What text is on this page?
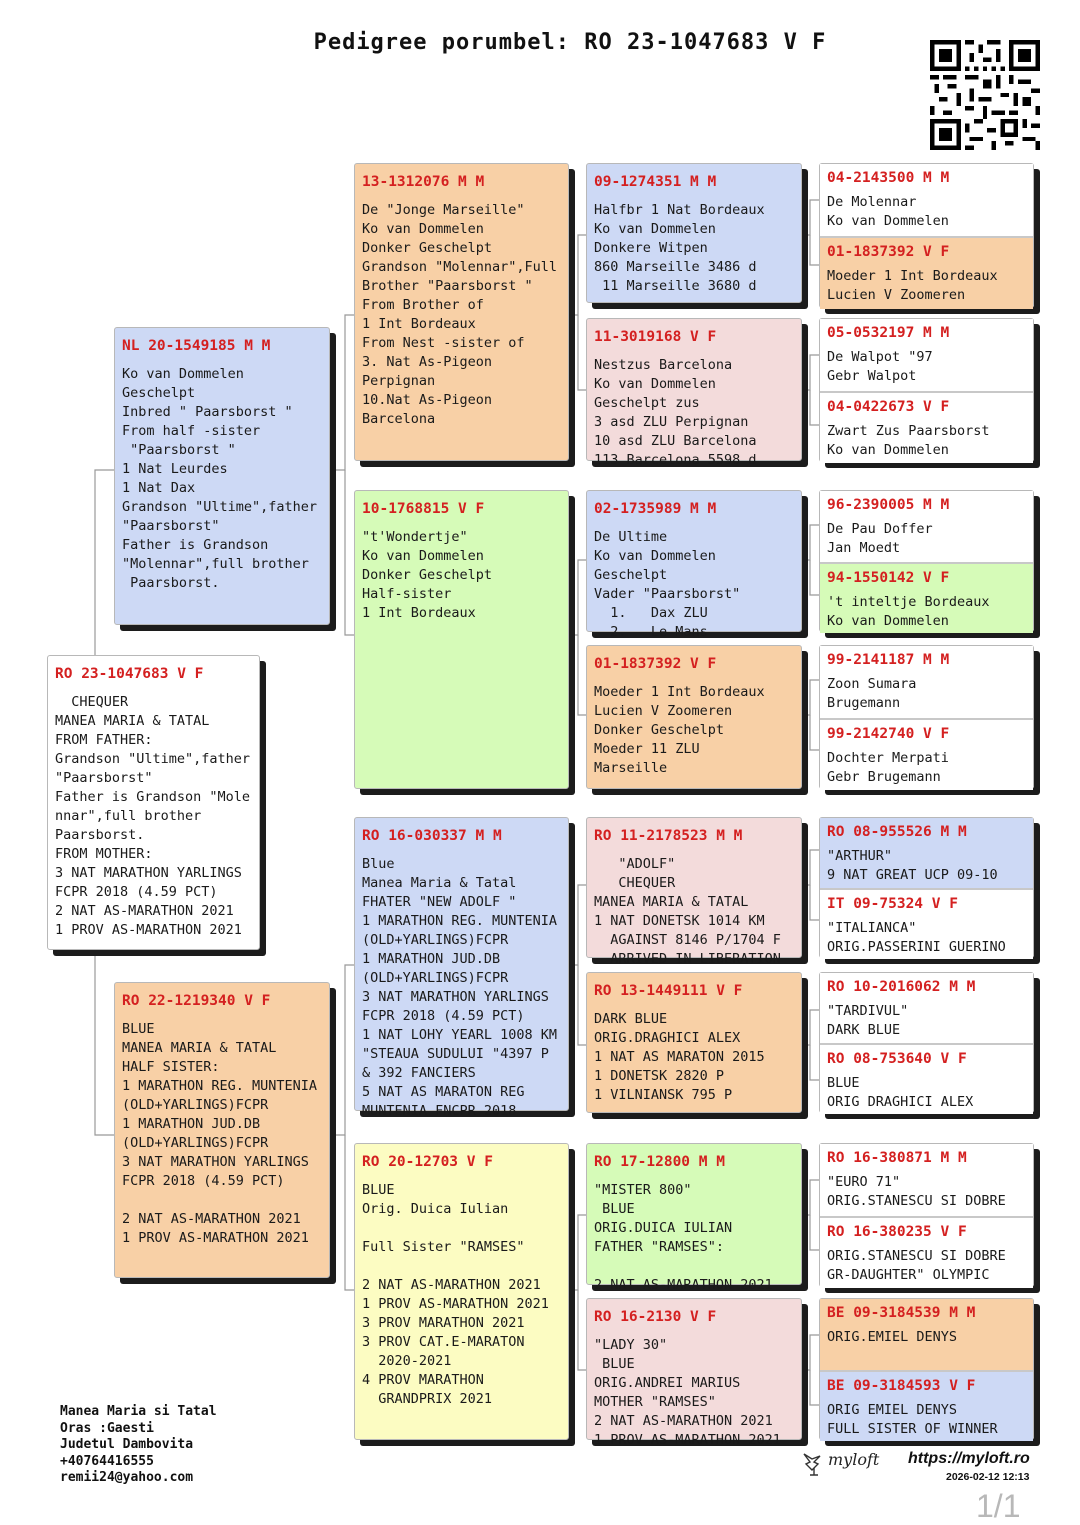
Pedigree porumbel: RO 23-1047683 V F
RO 23-1047683 V F
CHEQUER
MANEA MARIA & TATAL
FROM FATHER:
Grandson "Ultime",father
"Paarsborst"
Father is Grandson "Mole
nnar",full brother
Paarsborst.
FROM MOTHER:
3 NAT MARATHON YARLINGS
FCPR 2018 (4.59 PCT)
2 NAT AS-MARATHON 2021
1 PROV AS-MARATHON 2021
NL 20-1549185 M M
Ko van Dommelen
Geschelpt
Inbred " Paarsborst "
From half -sister
"Paarsborst "
1 Nat Leurdes
1 Nat Dax
Grandson "Ultime",father
"Paarsborst"
Father is Grandson
"Molennar",full brother
Paarsborst.
RO 22-1219340 V F
BLUE
MANEA MARIA & TATAL
HALF SISTER:
1 MARATHON REG. MUNTENIA
(OLD+YARLINGS)FCPR
1 MARATHON JUD.DB
(OLD+YARLINGS)FCPR
3 NAT MARATHON YARLINGS
FCPR 2018 (4.59 PCT)

2 NAT AS-MARATHON 2021
1 PROV AS-MARATHON 2021
13-1312076 M M
De "Jonge Marseille"
Ko van Dommelen
Donker Geschelpt
Grandson "Molennar",Full
Brother "Paarsborst "
From Brother of
1 Int Bordeaux
From Nest -sister of
3. Nat As-Pigeon
Perpignan
10.Nat As-Pigeon
Barcelona
10-1768815 V F
"t'Wondertje"
Ko van Dommelen
Donker Geschelpt
Half-sister
1 Int Bordeaux
RO 16-030337 M M
Blue
Manea Maria & Tatal
FHATER "NEW ADOLF "
1 MARATHON REG. MUNTENIA
(OLD+YARLINGS)FCPR
1 MARATHON JUD.DB
(OLD+YARLINGS)FCPR
3 NAT MARATHON YARLINGS
FCPR 2018 (4.59 PCT)
1 NAT LOHY YEARL 1008 KM
"STEAUA SUDULUI "4397 P
& 392 FANCIERS
5 NAT AS MARATON REG
MUNTENIA FNCPR 2018
RO 20-12703 V F
BLUE
Orig. Duica Iulian

Full Sister "RAMSES"

2 NAT AS-MARATHON 2021
1 PROV AS-MARATHON 2021
3 PROV MARATHON 2021
3 PROV CAT.E-MARATON
2020-2021
4 PROV MARATHON
GRANDPRIX 2021
09-1274351 M M
Halfbr 1 Nat Bordeaux
Ko van Dommelen
Donkere Witpen
860 Marseille 3486 d
11 Marseille 3680 d
11-3019168 V F
Nestzus Barcelona
Ko van Dommelen
Geschelpt zus
3 asd ZLU Perpignan
10 asd ZLU Barcelona
113 Barcelona 5598 d
02-1735989 M M
De Ultime
Ko van Dommelen
Geschelpt
Vader "Paarsborst"
1.   Dax ZLU
2.   Le Mans
01-1837392 V F
Moeder 1 Int Bordeaux
Lucien V Zoomeren
Donker Geschelpt
Moeder 11 ZLU
Marseille
RO 11-2178523 M M
"ADOLF"
CHEQUER
MANEA MARIA & TATAL
1 NAT DONETSK 1014 KM
AGAINST 8146 P/1704 F
ARRIVED IN LIBERATION
RO 13-1449111 V F
DARK BLUE
ORIG.DRAGHICI ALEX
1 NAT AS MARATON 2015
1 DONETSK 2820 P
1 VILNIANSK 795 P
RO 17-12800 M M
"MISTER 800"
BLUE
ORIG.DUICA IULIAN
FATHER "RAMSES":

2 NAT AS-MARATHON 2021
RO 16-2130 V F
"LADY 30"
BLUE
ORIG.ANDREI MARIUS
MOTHER "RAMSES"
2 NAT AS-MARATHON 2021
1 PROV AS-MARATHON 2021
04-2143500 M M
De Molennar
Ko van Dommelen
01-1837392 V F
Moeder 1 Int Bordeaux
Lucien V Zoomeren
05-0532197 M M
De Walpot "97
Gebr Walpot
04-0422673 V F
Zwart Zus Paarsborst
Ko van Dommelen
96-2390005 M M
De Pau Doffer
Jan Moedt
94-1550142 V F
't inteltje Bordeaux
Ko van Dommelen
99-2141187 M M
Zoon Sumara
Brugemann
99-2142740 V F
Dochter Merpati
Gebr Brugemann
RO 08-955526 M M
"ARTHUR"
9 NAT GREAT UCP 09-10
IT 09-75324 V F
"ITALIANCA"
ORIG.PASSERINI GUERINO
RO 10-2016062 M M
"TARDIVUL"
DARK BLUE
RO 08-753640 V F
BLUE
ORIG DRAGHICI ALEX
RO 16-380871 M M
"EURO 71"
ORIG.STANESCU SI DOBRE
RO 16-380235 V F
ORIG.STANESCU SI DOBRE
GR-DAUGHTER" OLYMPIC
BE 09-3184539 M M
ORIG.EMIEL DENYS
BE 09-3184593 V F
ORIG EMIEL DENYS
FULL SISTER OF WINNER
Manea Maria si Tatal
Oras :Gaesti
Judetul Dambovita
+40764416555
remii24@yahoo.com
myloft https://myloft.ro
2026-02-12 12:13
1/1
